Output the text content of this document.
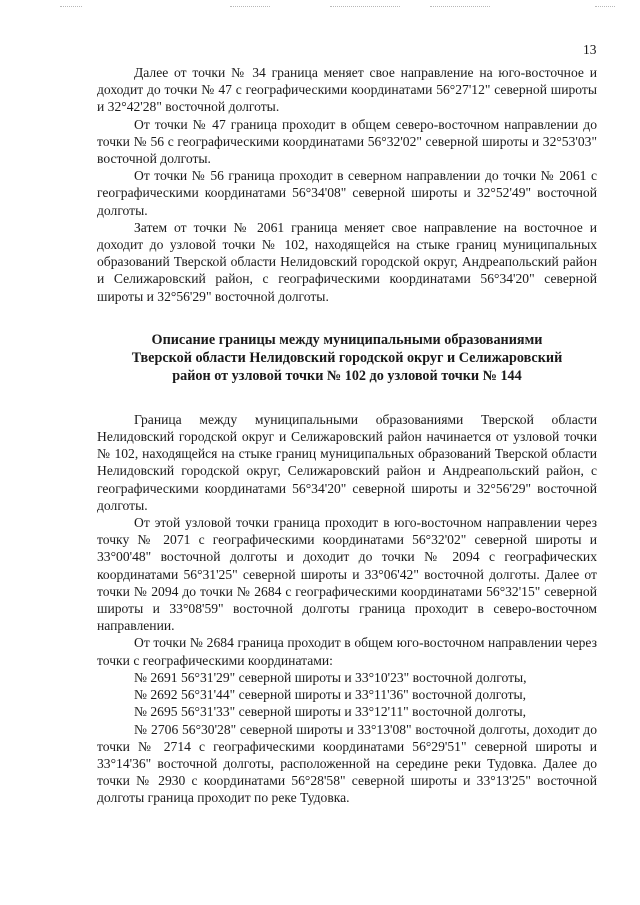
13

Далее от точки № 34 граница меняет свое направление на юго-восточное и доходит до точки № 47 с географическими координатами 56°27'12" северной широты и 32°42'28" восточной долготы.

От точки № 47 граница проходит в общем северо-восточном направлении до точки № 56 с географическими координатами 56°32'02" северной широты и 32°53'03" восточной долготы.

От точки № 56 граница проходит в северном направлении до точки № 2061 с географическими координатами 56°34'08" северной широты и 32°52'49" восточной долготы.

Затем от точки № 2061 граница меняет свое направление на восточное и доходит до узловой точки № 102, находящейся на стыке границ муниципальных образований Тверской области Нелидовский городской округ, Андреапольский район и Селижаровский район, с географическими координатами 56°34'20" северной широты и 32°56'29" восточной долготы.

Описание границы между муниципальными образованиями
Тверской области Нелидовский городской округ и Селижаровский
район от узловой точки № 102 до узловой точки № 144

Граница между муниципальными образованиями Тверской области Нелидовский городской округ и Селижаровский район начинается от узловой точки № 102, находящейся на стыке границ муниципальных образований Тверской области Нелидовский городской округ, Селижаровский район и Андреапольский район, с географическими координатами 56°34'20" северной широты и 32°56'29" восточной долготы.

От этой узловой точки граница проходит в юго-восточном направлении через точку № 2071 с географическими координатами 56°32'02" северной широты и 33°00'48" восточной долготы и доходит до точки № 2094 с географических координатами 56°31'25" северной широты и 33°06'42" восточной долготы. Далее от точки № 2094 до точки № 2684 с географическими координатами 56°32'15" северной широты и 33°08'59" восточной долготы граница проходит в северо-восточном направлении.

От точки № 2684 граница проходит в общем юго-восточном направлении через точки с географическими координатами:

№ 2691 56°31'29" северной широты и 33°10'23" восточной долготы,

№ 2692 56°31'44" северной широты и 33°11'36" восточной долготы,

№ 2695 56°31'33" северной широты и 33°12'11" восточной долготы,

№ 2706 56°30'28" северной широты и 33°13'08" восточной долготы, доходит до точки № 2714 с географическими координатами 56°29'51" северной широты и 33°14'36" восточной долготы, расположенной на середине реки Тудовка. Далее до точки № 2930 с координатами 56°28'58" северной широты и 33°13'25" восточной долготы граница проходит по реке Тудовка.
